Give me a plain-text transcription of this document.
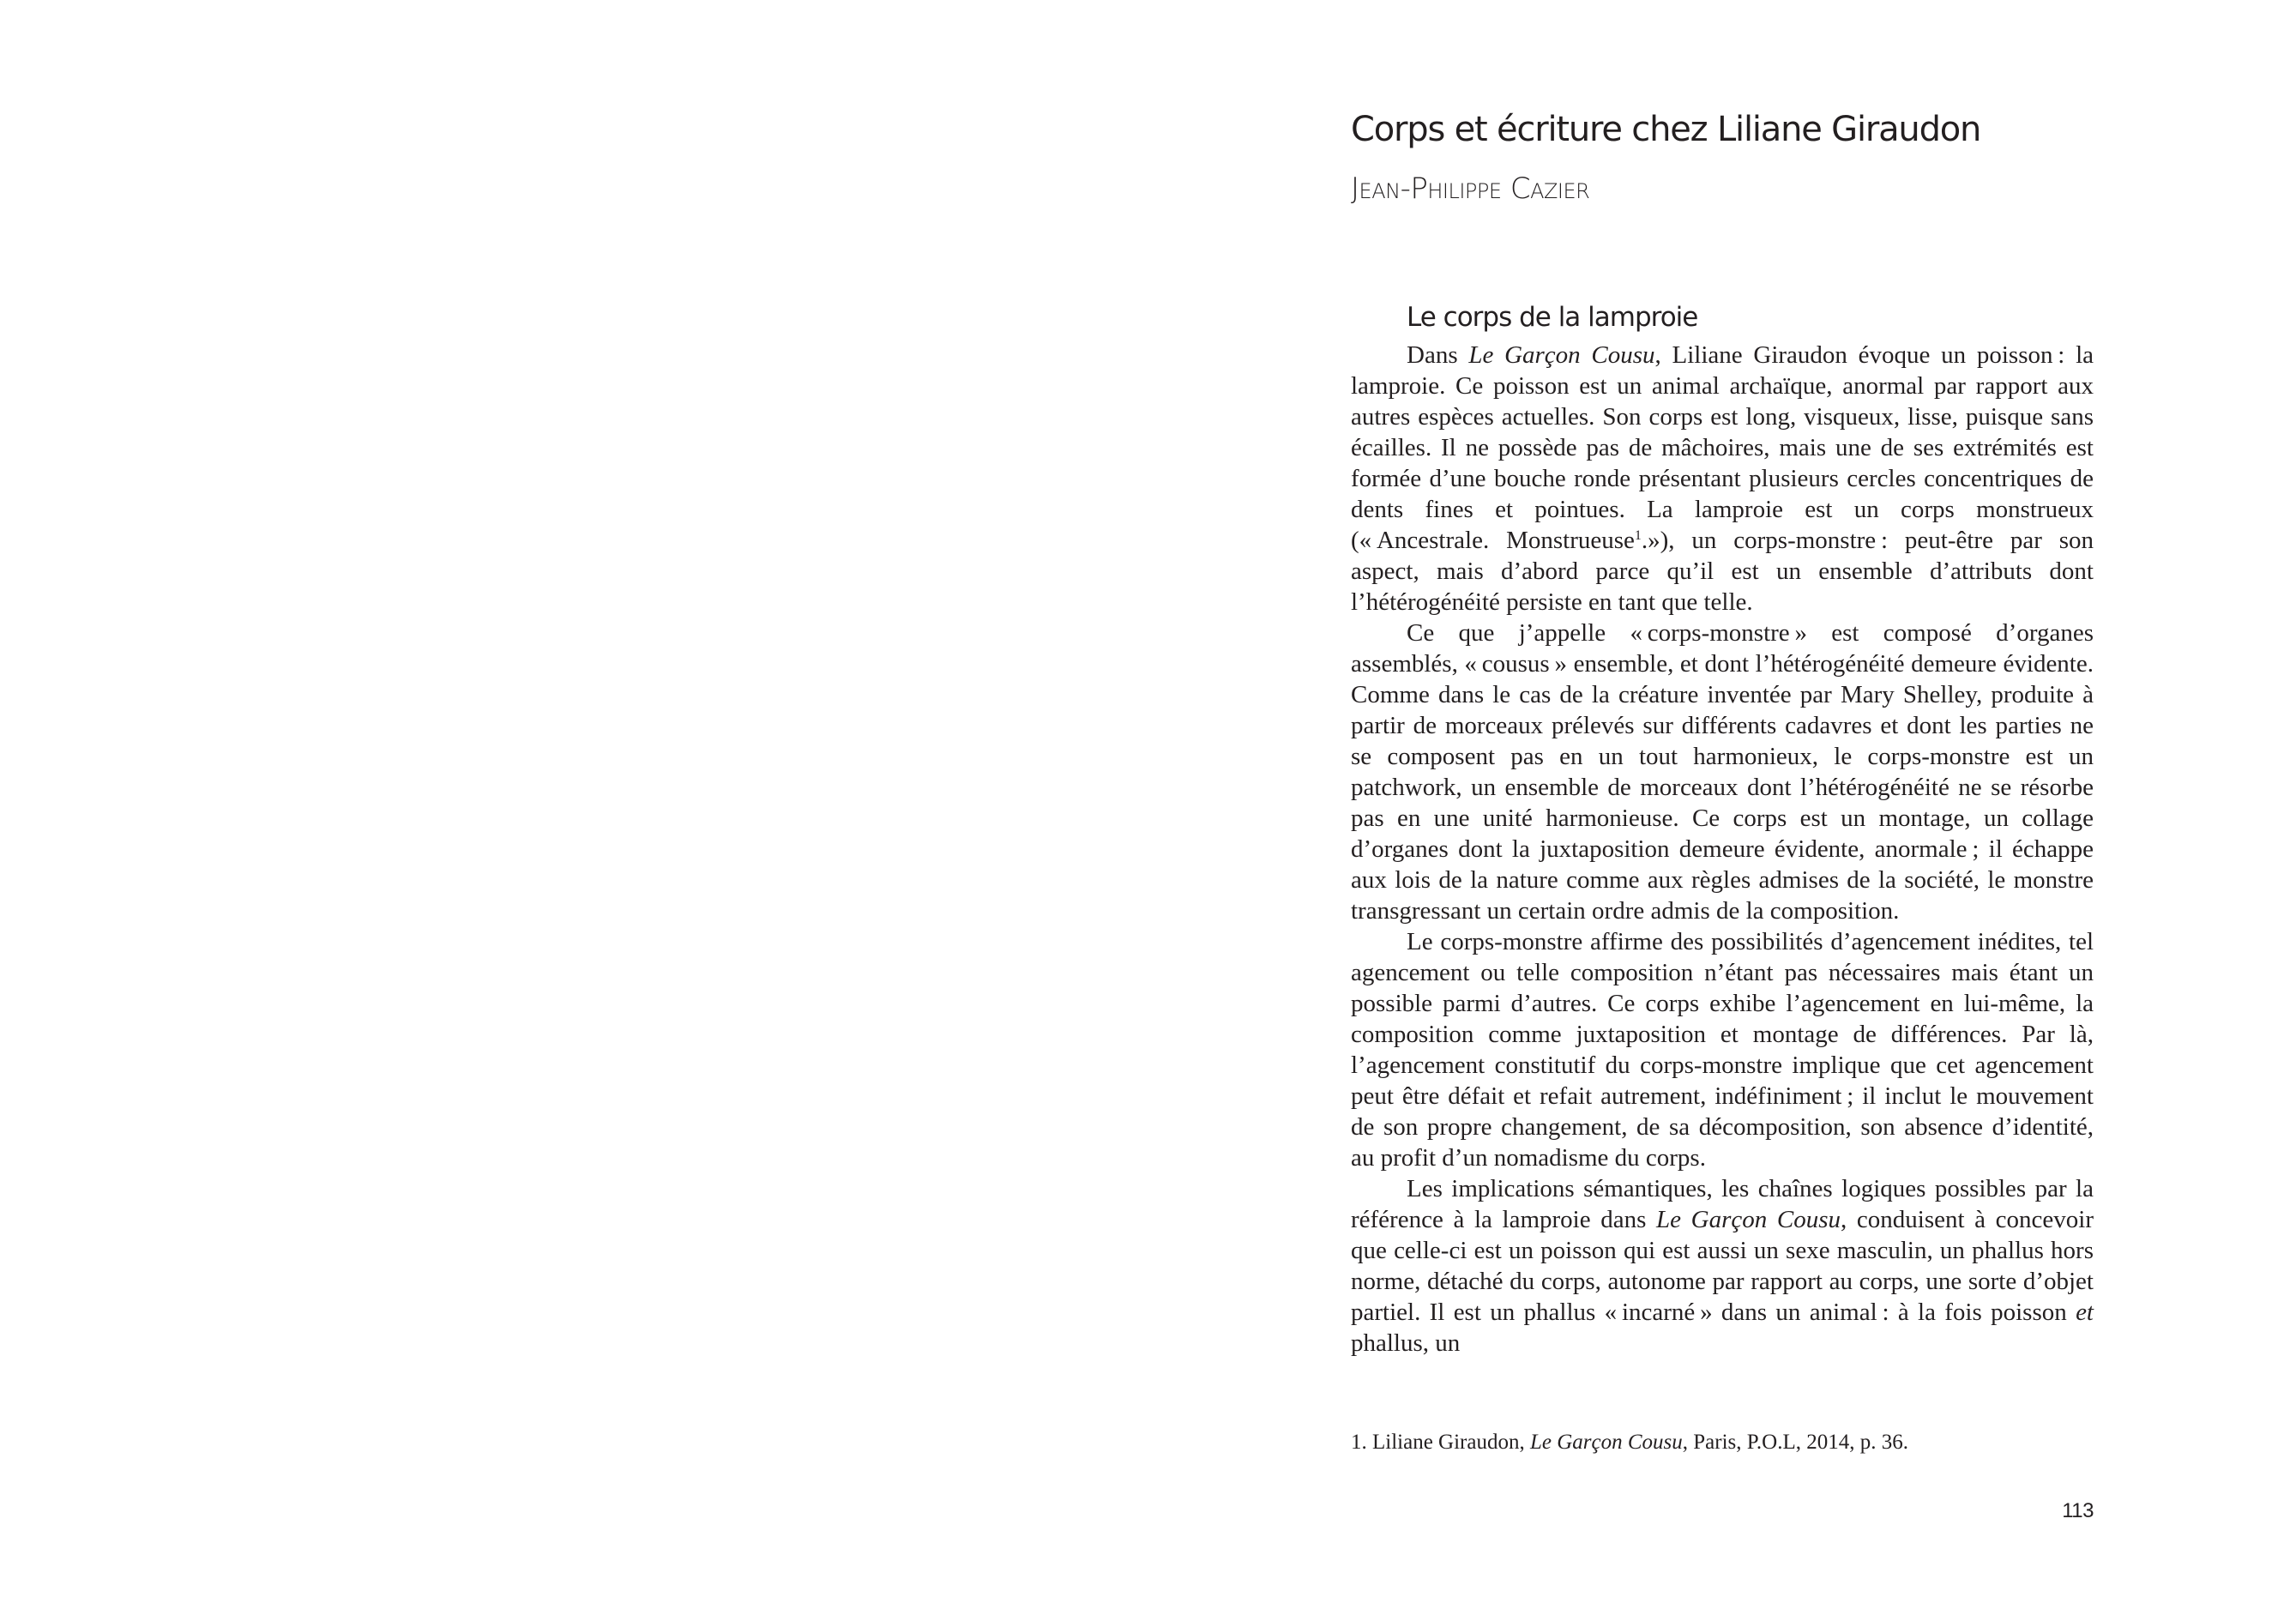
Corps et écriture chez Liliane Giraudon
Jean-Philippe Cazier
Le corps de la lamproie

Dans Le Garçon Cousu, Liliane Giraudon évoque un poisson : la lamproie. Ce poisson est un animal archaïque, anormal par rapport aux autres espèces actuelles. Son corps est long, visqueux, lisse, puisque sans écailles. Il ne possède pas de mâchoires, mais une de ses extrémités est formée d’une bouche ronde présentant plusieurs cercles concentriques de dents fines et pointues. La lamproie est un corps monstrueux (« Ancestrale. Monstrueuse$^1$.»), un corps-monstre : peut-être par son aspect, mais d’abord parce qu’il est un ensemble d’attributs dont l’hétérogénéité persiste en tant que telle.

Ce que j’appelle « corps-monstre » est composé d’organes assemblés, « cousus » ensemble, et dont l’hétérogénéité demeure évidente. Comme dans le cas de la créature inventée par Mary Shelley, produite à partir de morceaux prélevés sur différents cadavres et dont les parties ne se composent pas en un tout harmonieux, le corps-monstre est un patchwork, un ensemble de morceaux dont l’hétérogénéité ne se résorbe pas en une unité harmonieuse. Ce corps est un montage, un collage d’organes dont la juxtaposition demeure évidente, anormale ; il échappe aux lois de la nature comme aux règles admises de la société, le monstre transgressant un certain ordre admis de la composition.

Le corps-monstre affirme des possibilités d’agencement inédites, tel agencement ou telle composition n’étant pas nécessaires mais étant un possible parmi d’autres. Ce corps exhibe l’agencement en lui-même, la composition comme juxtaposition et montage de différences. Par là, l’agencement constitutif du corps-monstre implique que cet agencement peut être défait et refait autrement, indéfiniment ; il inclut le mouvement de son propre changement, de sa décomposition, son absence d’identité, au profit d’un nomadisme du corps.

Les implications sémantiques, les chaînes logiques possibles par la référence à la lamproie dans Le Garçon Cousu, conduisent à concevoir que celle-ci est un poisson qui est aussi un sexe masculin, un phallus hors norme, détaché du corps, autonome par rapport au corps, une sorte d’objet partiel. Il est un phallus « incarné » dans un animal : à la fois poisson et phallus, un

1. Liliane Giraudon, Le Garçon Cousu, Paris, P.O.L, 2014, p. 36.
113
